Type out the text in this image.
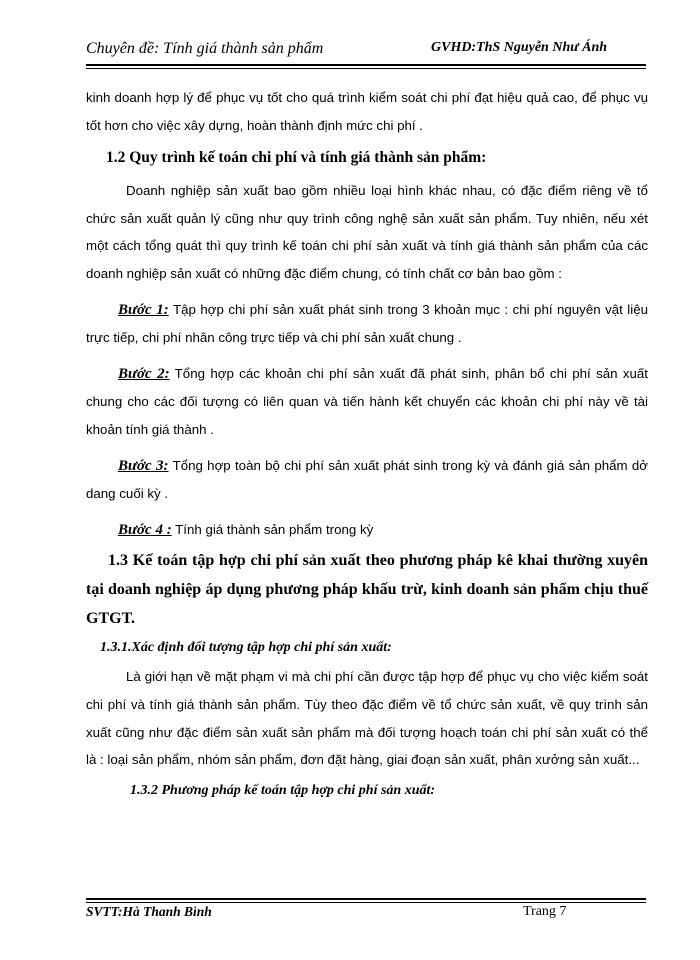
Chuyên đề: Tính giá thành sản phẩm	GVHD:ThS Nguyễn Như Ánh

kinh doanh hợp lý để phục vụ tốt cho quá trình kiểm soát chi phí đạt hiệu quả cao, để phục vụ tốt hơn cho việc xây dựng, hoàn thành định mức chi phí .

1.2 Quy trình kế toán chi phí và tính giá thành sản phẩm:

Doanh nghiệp sản xuất bao gồm nhiều loại hình khác nhau, có đặc điểm riêng về tổ chức sản xuất quản lý cũng như quy trình công nghệ sản xuất sản phẩm. Tuy nhiên, nếu xét một cách tổng quát thì quy trình kế toán chi phí sản xuất và tính giá thành sản phẩm của các doanh nghiệp sản xuất có những đặc điểm chung, có tính chất cơ bản bao gồm :

Bước 1: Tập hợp chi phí sản xuất phát sinh trong 3 khoản mục : chi phí nguyên vật liệu trực tiếp, chi phí nhân công trực tiếp và chi phí sản xuất chung .

Bước 2: Tổng hợp các khoản chi phí sản xuất đã phát sinh, phân bổ chi phí sản xuất chung cho các đối tượng có liên quan và tiến hành kết chuyển các khoản chi phí này về tài khoản tính giá thành .

Bước 3: Tổng hợp toàn bộ chi phí sản xuất phát sinh trong kỳ và đánh giá sản phẩm dở dang cuối kỳ .

Bước 4 : Tính giá thành sản phẩm trong kỳ

1.3 Kế toán tập hợp chi phí sản xuất theo phương pháp kê khai thường xuyên tại doanh nghiệp áp dụng phương pháp khấu trừ, kinh doanh sản phẩm chịu thuế GTGT.
1.3.1.Xác định đối tượng tập hợp chi phí sản xuất:

Là giới hạn về mặt phạm vi mà chi phí cần được tập hợp để phục vụ cho việc kiểm soát chi phí và tính giá thành sản phẩm. Tùy theo đặc điểm về tổ chức sản xuất, về quy trình sản xuất cũng như đặc điểm sản xuất sản phẩm mà đối tượng hoạch toán chi phí sản xuất có thể là : loại sản phẩm, nhóm sản phẩm, đơn đặt hàng, giai đoạn sản xuất, phân xưởng sản xuất...

1.3.2 Phương pháp kế toán tập hợp chi phí sản xuất:
SVTT:Hà Thanh Bình	Trang 7
